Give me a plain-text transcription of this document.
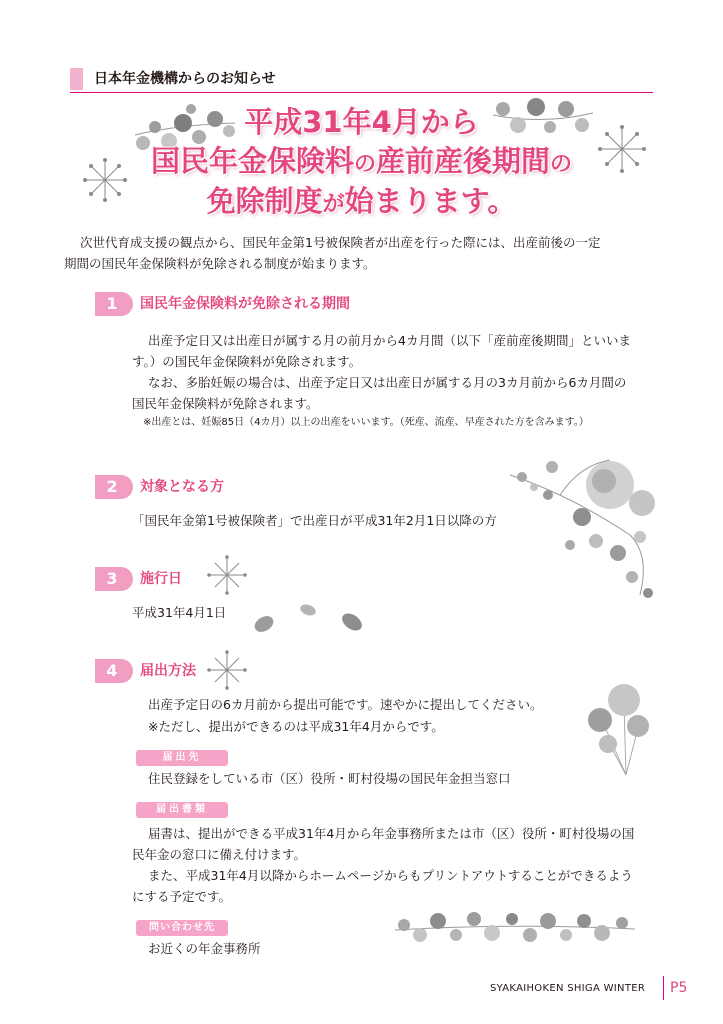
日本年金機構からのお知らせ
平成31年4月から
国民年金保険料の産前産後期間の
免除制度が始まります。
次世代育成支援の観点から、国民年金第1号被保険者が出産を行った際には、出産前後の一定
期間の国民年金保険料が免除される制度が始まります。
1	国民年金保険料が免除される期間
出産予定日又は出産日が属する月の前月から4カ月間（以下「産前産後期間」といいま
す。）の国民年金保険料が免除されます。
なお、多胎妊娠の場合は、出産予定日又は出産日が属する月の3カ月前から6カ月間の
国民年金保険料が免除されます。
※出産とは、妊娠85日（4カ月）以上の出産をいいます。（死産、流産、早産された方を含みます。）
2	対象となる方
「国民年金第1号被保険者」で出産日が平成31年2月1日以降の方
3	施行日
平成31年4月1日
4	届出方法
出産予定日の6カ月前から提出可能です。速やかに提出してください。
※ただし、提出ができるのは平成31年4月からです。
届出先
住民登録をしている市（区）役所・町村役場の国民年金担当窓口
届出書類
届書は、提出ができる平成31年4月から年金事務所または市（区）役所・町村役場の国
民年金の窓口に備え付けます。
また、平成31年4月以降からホームページからもプリントアウトすることができるよう
にする予定です。
問い合わせ先
お近くの年金事務所
SYAKAIHOKEN SHIGA WINTER	P5
